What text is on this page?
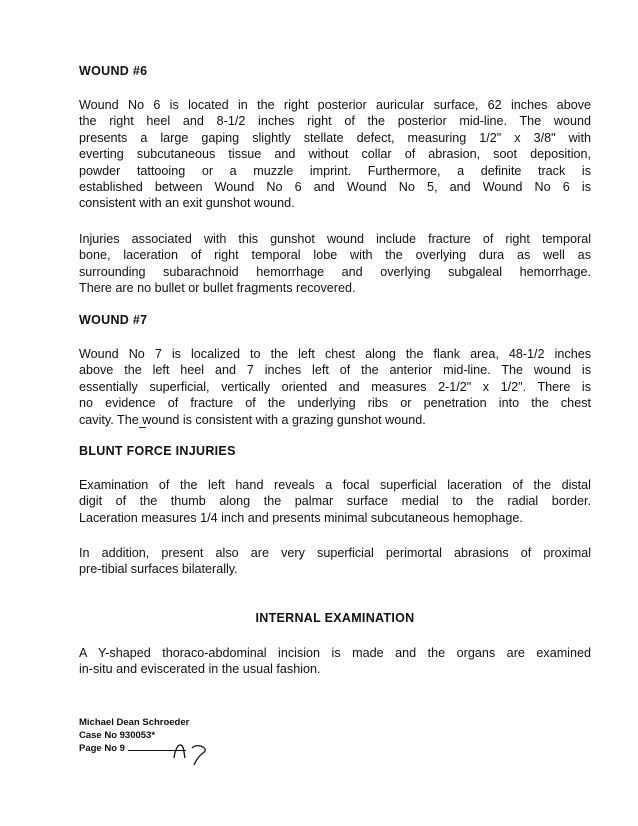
WOUND #6
Wound No 6 is located in the right posterior auricular surface, 62 inches above
the right heel and 8-1/2 inches right of the posterior mid-line. The wound
presents a large gaping slightly stellate defect, measuring 1/2" x 3/8" with
everting subcutaneous tissue and without collar of abrasion, soot deposition,
powder tattooing or a muzzle imprint. Furthermore, a definite track is
established between Wound No 6 and Wound No 5, and Wound No 6 is
consistent with an exit gunshot wound.
Injuries associated with this gunshot wound include fracture of right temporal
bone, laceration of right temporal lobe with the overlying dura as well as
surrounding subarachnoid hemorrhage and overlying subgaleal hemorrhage.
There are no bullet or bullet fragments recovered.
WOUND #7
Wound No 7 is localized to the left chest along the flank area, 48-1/2 inches
above the left heel and 7 inches left of the anterior mid-line. The wound is
essentially superficial, vertically oriented and measures 2-1/2" x 1/2". There is
no evidence of fracture of the underlying ribs or penetration into the chest
cavity. The wound is consistent with a grazing gunshot wound.
BLUNT FORCE INJURIES
Examination of the left hand reveals a focal superficial laceration of the distal
digit of the thumb along the palmar surface medial to the radial border.
Laceration measures 1/4 inch and presents minimal subcutaneous hemophage.
In addition, present also are very superficial perimortal abrasions of proximal
pre-tibial surfaces bilaterally.
INTERNAL EXAMINATION
A Y-shaped thoraco-abdominal incision is made and the organs are examined
in-situ and eviscerated in the usual fashion.
Michael Dean Schroeder
Case No 930053*
Page No 9
